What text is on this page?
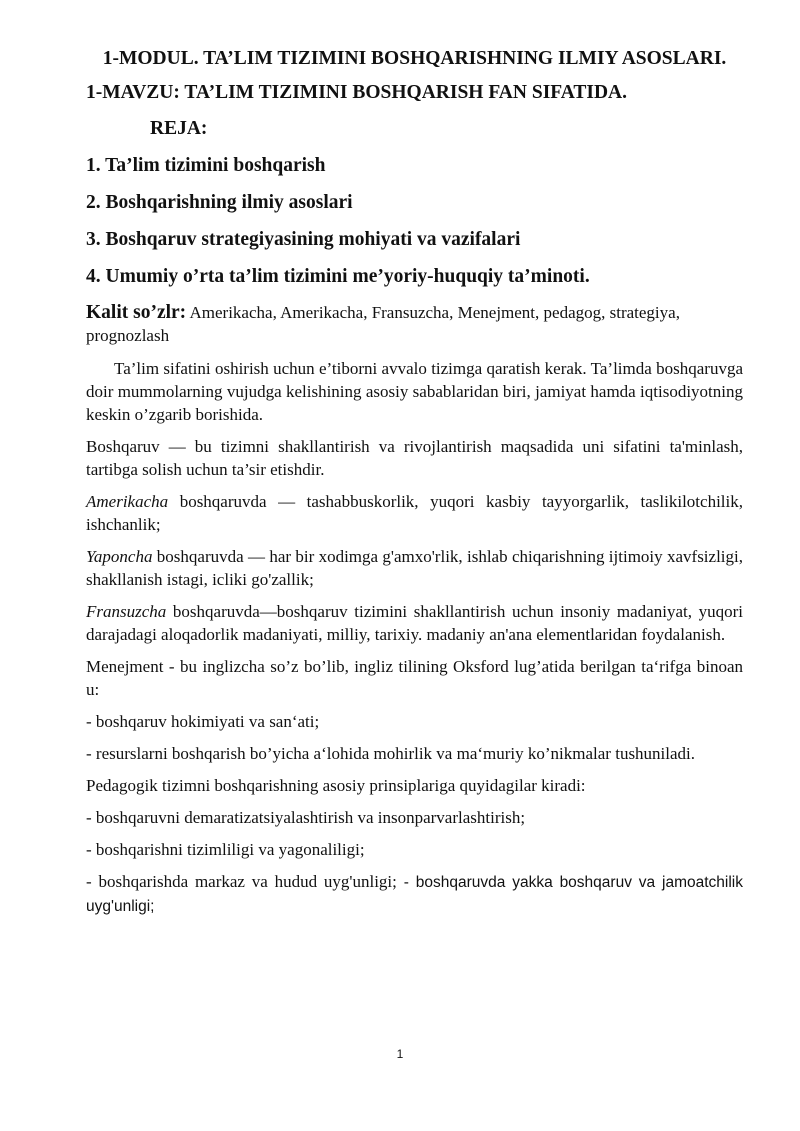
1-MODUL. TA’LIM TIZIMINI BOSHQARISHNING ILMIY ASOSLARI.
1-MAVZU: TA’LIM TIZIMINI BOSHQARISH FAN SIFATIDA.
REJA:
1. Ta’lim tizimini boshqarish
2. Boshqarishning ilmiy asoslari
3. Boshqaruv strategiyasining mohiyati va vazifalari
4. Umumiy o’rta ta’lim tizimini me’yoriy-huquqiy ta’minoti.
Kalit so’zlr: Amerikacha, Amerikacha, Fransuzcha, Menejment, pedagog, strategiya, prognozlash

Ta’lim sifatini oshirish uchun e’tiborni avvalo tizimga qaratish kerak. Ta’limda boshqaruvga doir mummolarning vujudga kelishining asosiy sabablaridan biri, jamiyat hamda iqtisodiyotning keskin o’zgarib borishida.

Boshqaruv — bu tizimni shakllantirish va rivojlantirish maqsadida uni sifatini ta'minlash, tartibga solish uchun ta’sir etishdir.

Amerikacha boshqaruvda — tashabbuskorlik, yuqori kasbiy tayyorgarlik, taslikilotchilik, ishchanlik;

Yaponcha boshqaruvda — har bir xodimga g'amxo'rlik, ishlab chiqarishning ijtimoiy xavfsizligi, shakllanish istagi, icliki go'zallik;

Fransuzcha boshqaruvda—boshqaruv tizimini shakllantirish uchun insoniy madaniyat, yuqori darajadagi aloqadorlik madaniyati, milliy, tarixiy. madaniy an'ana elementlaridan foydalanish.

Menejment - bu inglizcha so’z bo’lib, ingliz tilining Oksford lug’atida berilgan ta‘rifga binoan u:

- boshqaruv hokimiyati va san‘ati;

- resurslarni boshqarish bo’yicha a‘lohida mohirlik va ma‘muriy ko’nikmalar tushuniladi.

Pedagogik tizimni boshqarishning asosiy prinsiplariga quyidagilar kiradi:

- boshqaruvni demaratizatsiyalashtirish va insonparvarlashtirish;

- boshqarishni tizimliligi va yagonaliligi;

- boshqarishda markaz va hudud uyg'unligi; - boshqaruvda yakka boshqaruv va jamoatchilik uyg'unligi;

1
